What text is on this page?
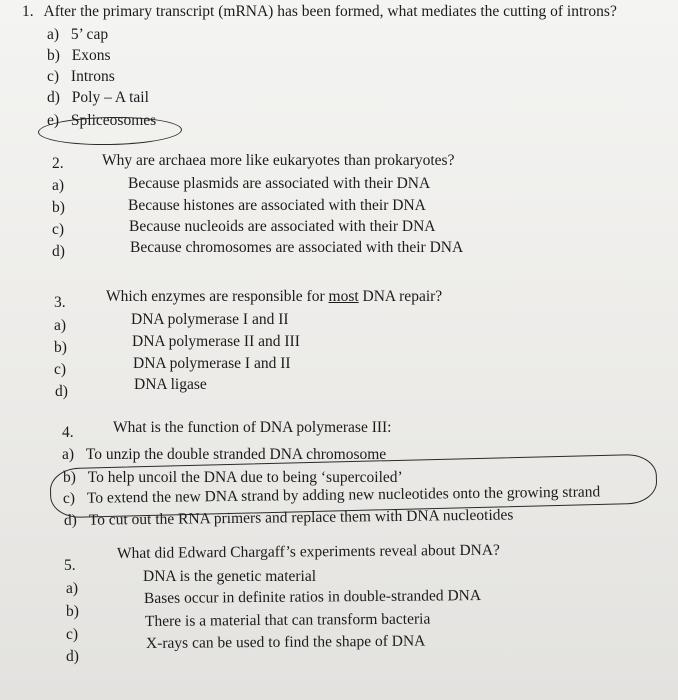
1. After the primary transcript (mRNA) has been formed, what mediates the cutting of introns?
a) 5’ cap
b) Exons
c) Introns
d) Poly – A tail
e) Spliceosomes
2. Why are archaea more like eukaryotes than prokaryotes?
a)	Because plasmids are associated with their DNA
b)	Because histones are associated with their DNA
c)	Because nucleoids are associated with their DNA
d)	Because chromosomes are associated with their DNA
3.	Which enzymes are responsible for most DNA repair?
a)	DNA polymerase I and II
b)	DNA polymerase II and III
c)	DNA polymerase I and II
d)	DNA ligase
4.	What is the function of DNA polymerase III:
a) To unzip the double stranded DNA chromosome
b) To help uncoil the DNA due to being ‘supercoiled’
c) To extend the new DNA strand by adding new nucleotides onto the growing strand
d) To cut out the RNA primers and replace them with DNA nucleotides
5.
What did Edward Chargaff’s experiments reveal about DNA?
a)
DNA is the genetic material
b)
Bases occur in definite ratios in double-stranded DNA
c)
There is a material that can transform bacteria
d)
X-rays can be used to find the shape of DNA
